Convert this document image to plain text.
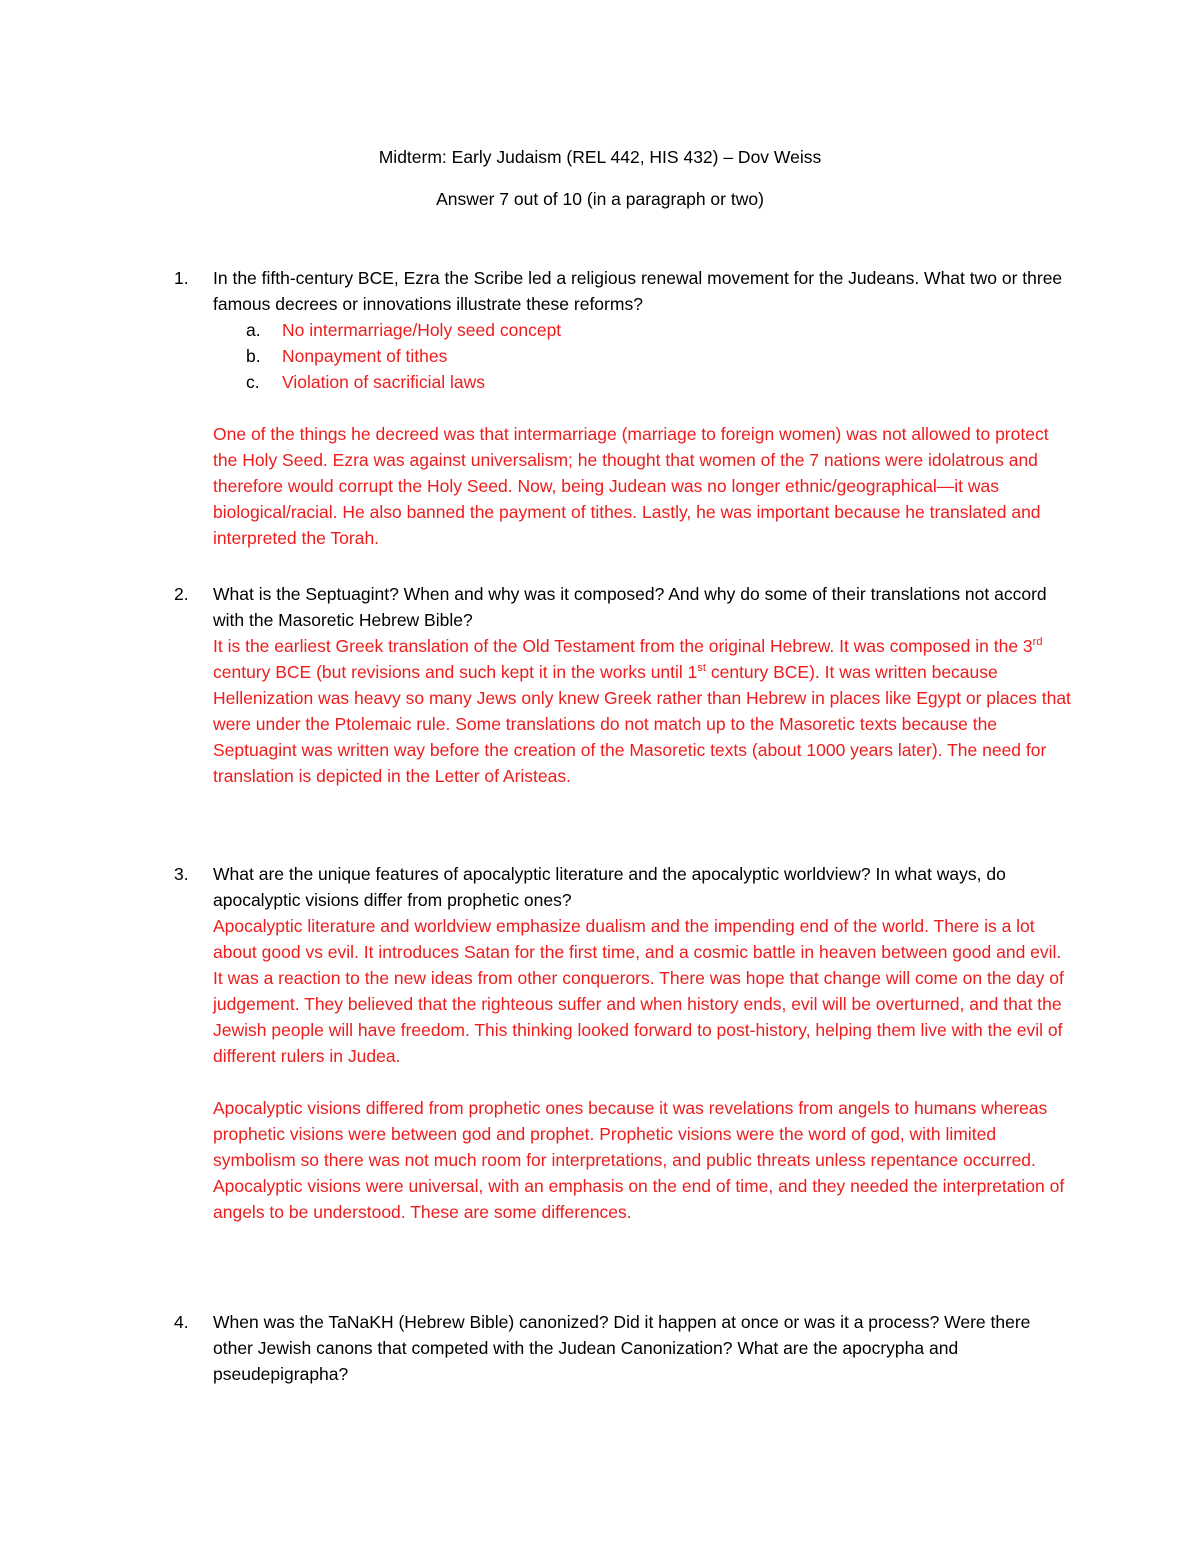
Midterm: Early Judaism (REL 442, HIS 432) – Dov Weiss
Answer 7 out of 10 (in a paragraph or two)
1.	In the fifth-century BCE, Ezra the Scribe led a religious renewal movement for the Judeans. What two or three famous decrees or innovations illustrate these reforms?

a. No intermarriage/Holy seed concept
b. Nonpayment of tithes
c. Violation of sacrificial laws

One of the things he decreed was that intermarriage (marriage to foreign women) was not allowed to protect the Holy Seed. Ezra was against universalism; he thought that women of the 7 nations were idolatrous and therefore would corrupt the Holy Seed. Now, being Judean was no longer ethnic/geographical—it was biological/racial. He also banned the payment of tithes. Lastly, he was important because he translated and interpreted the Torah.

2.	What is the Septuagint? When and why was it composed? And why do some of their translations not accord with the Masoretic Hebrew Bible?

It is the earliest Greek translation of the Old Testament from the original Hebrew. It was composed in the 3rd century BCE (but revisions and such kept it in the works until 1st century BCE). It was written because Hellenization was heavy so many Jews only knew Greek rather than Hebrew in places like Egypt or places that were under the Ptolemaic rule. Some translations do not match up to the Masoretic texts because the Septuagint was written way before the creation of the Masoretic texts (about 1000 years later). The need for translation is depicted in the Letter of Aristeas.

3.	What are the unique features of apocalyptic literature and the apocalyptic worldview? In what ways, do apocalyptic visions differ from prophetic ones?

Apocalyptic literature and worldview emphasize dualism and the impending end of the world. There is a lot about good vs evil. It introduces Satan for the first time, and a cosmic battle in heaven between good and evil. It was a reaction to the new ideas from other conquerors. There was hope that change will come on the day of judgement. They believed that the righteous suffer and when history ends, evil will be overturned, and that the Jewish people will have freedom. This thinking looked forward to post-history, helping them live with the evil of different rulers in Judea.

Apocalyptic visions differed from prophetic ones because it was revelations from angels to humans whereas prophetic visions were between god and prophet. Prophetic visions were the word of god, with limited symbolism so there was not much room for interpretations, and public threats unless repentance occurred. Apocalyptic visions were universal, with an emphasis on the end of time, and they needed the interpretation of angels to be understood. These are some differences.

4.	When was the TaNaKH (Hebrew Bible) canonized? Did it happen at once or was it a process? Were there other Jewish canons that competed with the Judean Canonization? What are the apocrypha and pseudepigrapha?
